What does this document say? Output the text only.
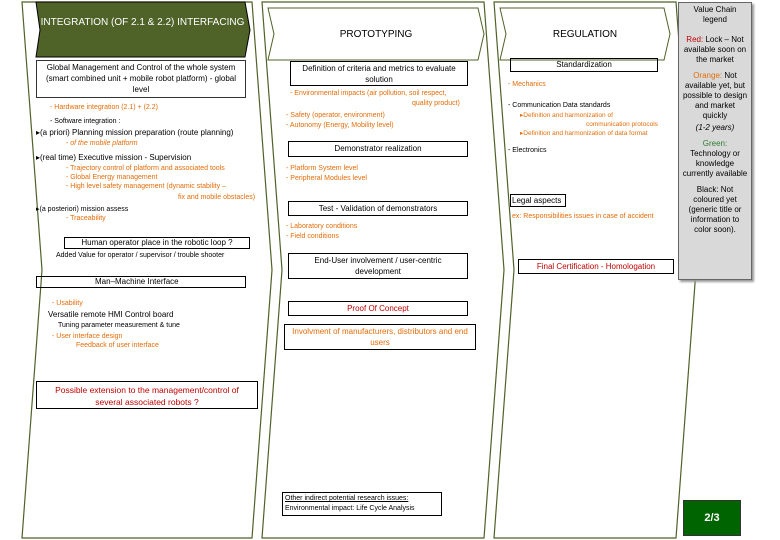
INTEGRATION (OF 2.1 & 2.2) INTERFACING
PROTOTYPING	REGULATION
Global Management and Control of the whole system (smart combined unit + mobile robot platform) - global level
- Hardware integration (2.1) + (2.2)
- Software integration :
▸(a priori) Planning mission preparation (route planning)
- of the mobile platform
▸(real time) Executive mission - Supervision
- Trajectory control of platform and associated tools
- Global Energy management
- High level safety management (dynamic stability –
fix and mobile obstacles)
▸(a posteriori) mission assess
- Traceability
Human operator place in the robotic loop ?
Added Value for operator / supervisor / trouble shooter
Man–Machine Interface
- Usability
Versatile remote HMI Control board
Tuning parameter measurement & tune
- User interface design
Feedback of user interface
Possible extension to the management/control of several associated robots ?
Definition of criteria and metrics to evaluate solution
- Environmental impacts (air pollution, soil respect,
quality product)
- Safety (operator, environment)
- Autonomy (Energy, Mobility level)
Demonstrator realization
- Platform System level
- Peripheral Modules level
Test - Validation of demonstrators
- Laboratory conditions
- Field conditions
End-User involvement / user-centric development
Proof Of Concept
Involvment of manufacturers, distributors and end users
Other indirect potential research issues:
Environmental impact: Life Cycle Analysis
Standardization
- Mechanics
- Communication Data standards
▸Definition and harmonization of
communication protocols
▸Definition and harmonization of data format
- Electronics
Legal aspects
ex: Responsibilities issues in case of accident
Final Certification - Homologation

Value Chain legend

Red: Lock – Not available soon on the market

Orange: Not available yet, but possible to design and market quickly

(1-2 years)

Green:
Technology or knowledge currently available

Black: Not coloured yet (generic title or information to color soon).

2/3
